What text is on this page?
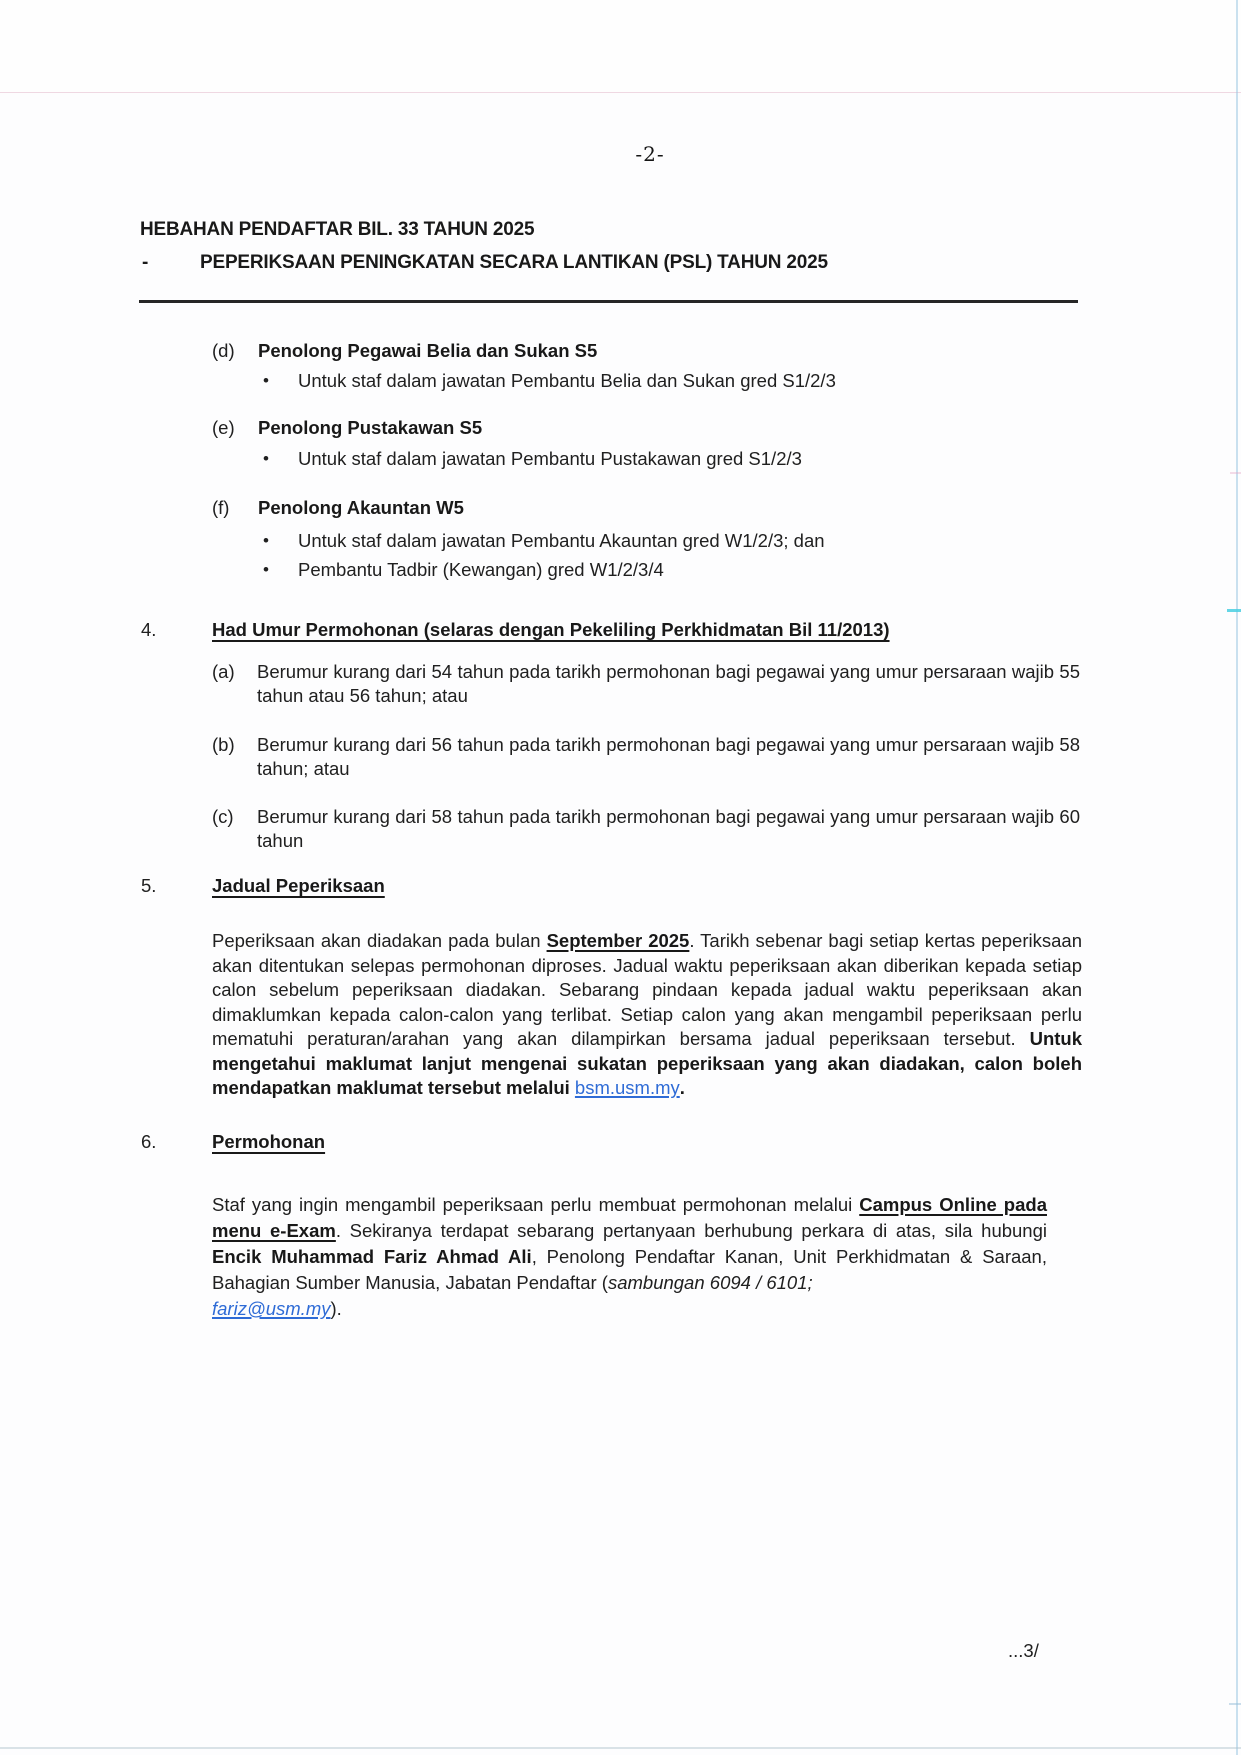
-2-
HEBAHAN PENDAFTAR BIL. 33 TAHUN 2025
-	PEPERIKSAAN PENINGKATAN SECARA LANTIKAN (PSL) TAHUN 2025
(d)	Penolong Pegawai Belia dan Sukan S5
• Untuk staf dalam jawatan Pembantu Belia dan Sukan gred S1/2/3
(e)	Penolong Pustakawan S5
• Untuk staf dalam jawatan Pembantu Pustakawan gred S1/2/3
(f)	Penolong Akauntan W5
• Untuk staf dalam jawatan Pembantu Akauntan gred W1/2/3; dan
• Pembantu Tadbir (Kewangan) gred W1/2/3/4
4.	Had Umur Permohonan (selaras dengan Pekeliling Perkhidmatan Bil 11/2013)
(a) Berumur kurang dari 54 tahun pada tarikh permohonan bagi pegawai yang umur persaraan wajib 55 tahun atau 56 tahun; atau
(b) Berumur kurang dari 56 tahun pada tarikh permohonan bagi pegawai yang umur persaraan wajib 58 tahun; atau
(c) Berumur kurang dari 58 tahun pada tarikh permohonan bagi pegawai yang umur persaraan wajib 60 tahun
5.	Jadual Peperiksaan
Peperiksaan akan diadakan pada bulan September 2025. Tarikh sebenar bagi setiap kertas peperiksaan akan ditentukan selepas permohonan diproses. Jadual waktu peperiksaan akan diberikan kepada setiap calon sebelum peperiksaan diadakan. Sebarang pindaan kepada jadual waktu peperiksaan akan dimaklumkan kepada calon-calon yang terlibat. Setiap calon yang akan mengambil peperiksaan perlu mematuhi peraturan/arahan yang akan dilampirkan bersama jadual peperiksaan tersebut. Untuk mengetahui maklumat lanjut mengenai sukatan peperiksaan yang akan diadakan, calon boleh mendapatkan maklumat tersebut melalui bsm.usm.my.
6.	Permohonan
Staf yang ingin mengambil peperiksaan perlu membuat permohonan melalui Campus Online pada menu e-Exam. Sekiranya terdapat sebarang pertanyaan berhubung perkara di atas, sila hubungi Encik Muhammad Fariz Ahmad Ali, Penolong Pendaftar Kanan, Unit Perkhidmatan & Saraan, Bahagian Sumber Manusia, Jabatan Pendaftar (sambungan 6094 / 6101;
fariz@usm.my).
...3/
